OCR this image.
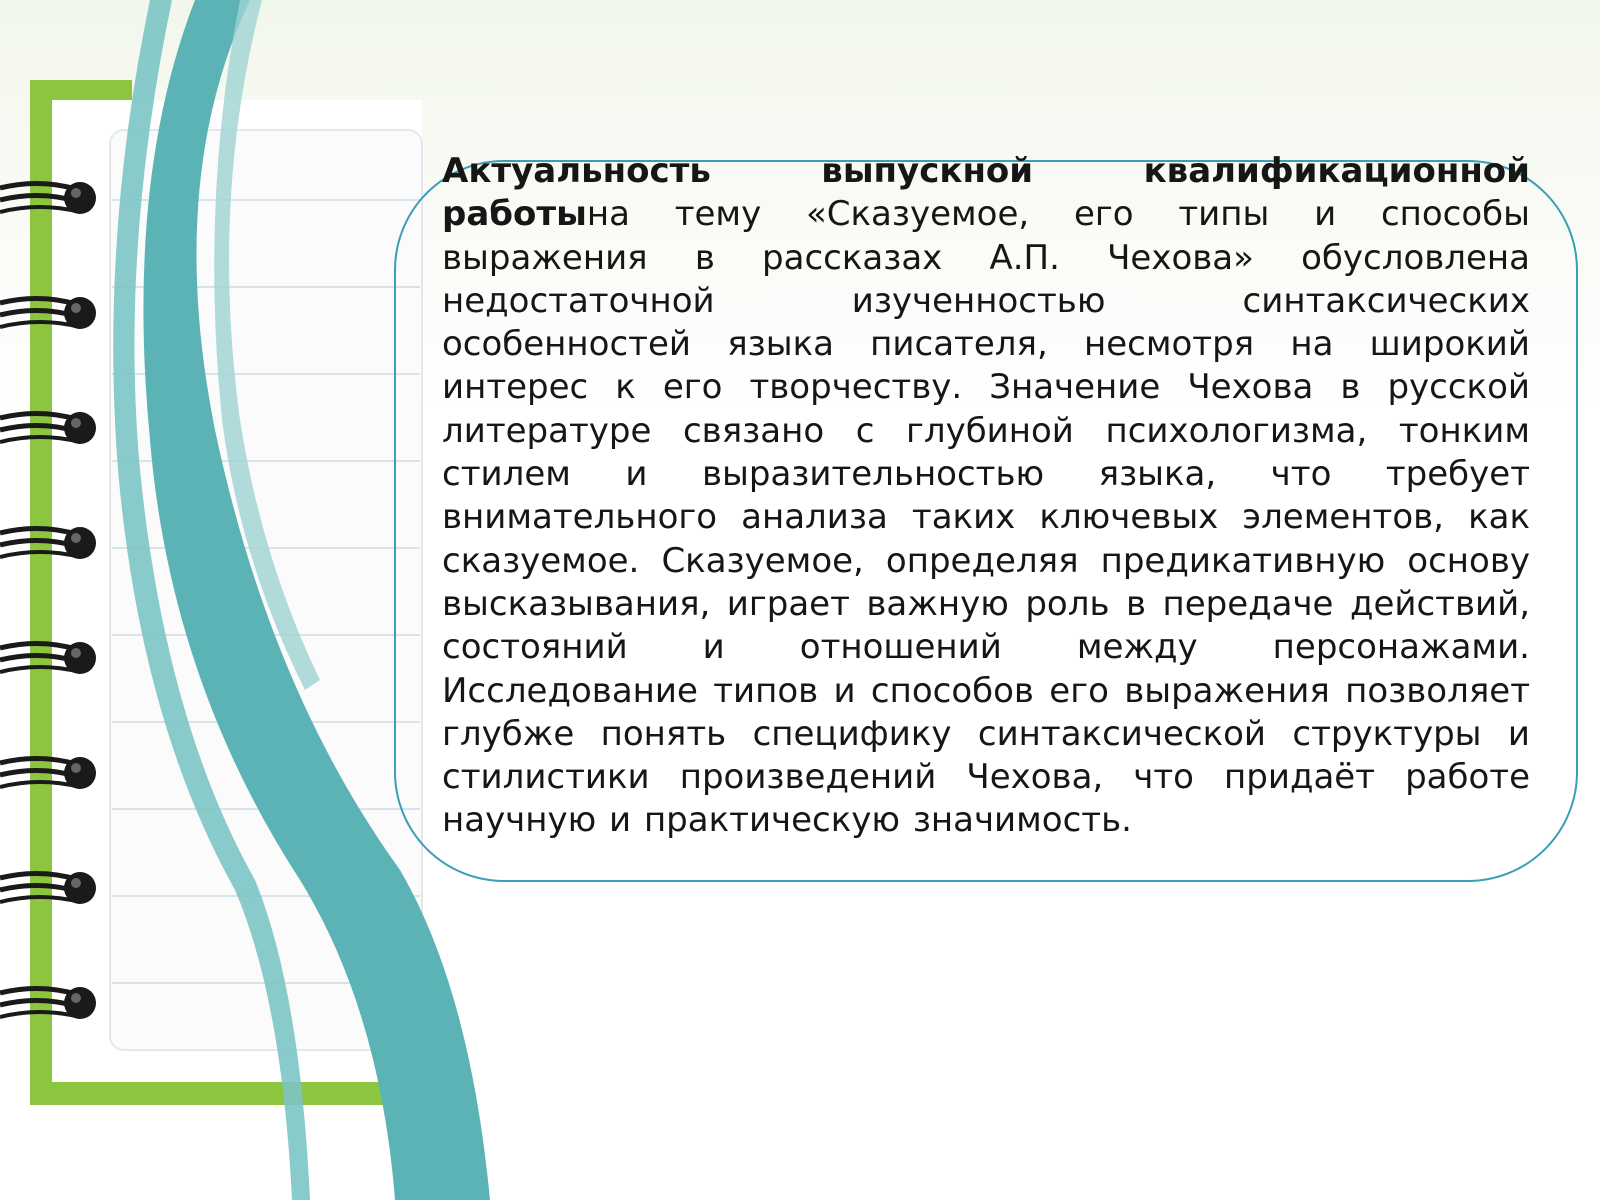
Актуальность выпускной квалификационной работына тему «Сказуемое, его типы и способы выражения в рассказах А.П. Чехова» обусловлена недостаточной изученностью синтаксических особенностей языка писателя, несмотря на широкий интерес к его творчеству. Значение Чехова в русской литературе связано с глубиной психологизма, тонким стилем и выразительностью языка, что требует внимательного анализа таких ключевых элементов, как сказуемое. Сказуемое, определяя предикативную основу высказывания, играет важную роль в передаче действий, состояний и отношений между персонажами. Исследование типов и способов его выражения позволяет глубже понять специфику синтаксической структуры и стилистики произведений Чехова, что придаёт работе научную и практическую значимость.
